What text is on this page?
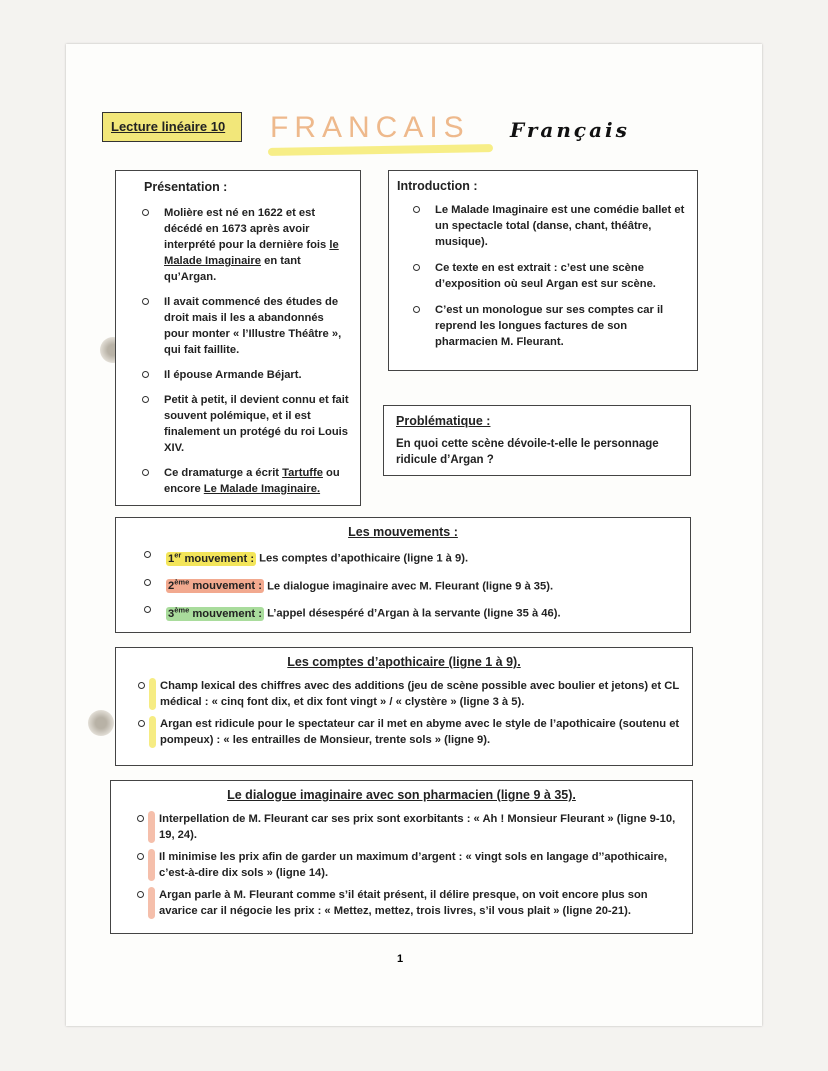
Lecture linéaire 10	FRANCAIS Français
Présentation :
Molière est né en 1622 et est décédé en 1673 après avoir interprété pour la dernière fois le Malade Imaginaire en tant qu’Argan.
Il avait commencé des études de droit mais il les a abandonnés pour monter « l’Illustre Théâtre », qui fait faillite.
Il épouse Armande Béjart.
Petit à petit, il devient connu et fait souvent polémique, et il est finalement un protégé du roi Louis XIV.
Ce dramaturge a écrit Tartuffe ou encore Le Malade Imaginaire.
Introduction :
Le Malade Imaginaire est une comédie ballet et un spectacle total (danse, chant, théâtre, musique).
Ce texte en est extrait : c’est une scène d’exposition où seul Argan est sur scène.
C’est un monologue sur ses comptes car il reprend les longues factures de son pharmacien M. Fleurant.
Problématique :
En quoi cette scène dévoile-t-elle le personnage ridicule d’Argan ?
Les mouvements :
1er mouvement : Les comptes d’apothicaire (ligne 1 à 9).
2ème mouvement : Le dialogue imaginaire avec M. Fleurant (ligne 9 à 35).
3ème mouvement : L’appel désespéré d’Argan à la servante (ligne 35 à 46).
Les comptes d’apothicaire (ligne 1 à 9).
Champ lexical des chiffres avec des additions (jeu de scène possible avec boulier et jetons) et CL médical : « cinq font dix, et dix font vingt » / « clystère » (ligne 3 à 5).
Argan est ridicule pour le spectateur car il met en abyme avec le style de l’apothicaire (soutenu et pompeux) : « les entrailles de Monsieur, trente sols » (ligne 9).
Le dialogue imaginaire avec son pharmacien (ligne 9 à 35).
Interpellation de M. Fleurant car ses prix sont exorbitants : « Ah ! Monsieur Fleurant » (ligne 9-10, 19, 24).
Il minimise les prix afin de garder un maximum d’argent : « vingt sols en langage d’’apothicaire, c’est-à-dire dix sols » (ligne 14).
Argan parle à M. Fleurant comme s’il était présent, il délire presque, on voit encore plus son avarice car il négocie les prix : « Mettez, mettez, trois livres, s’il vous plait » (ligne 20-21).
1
